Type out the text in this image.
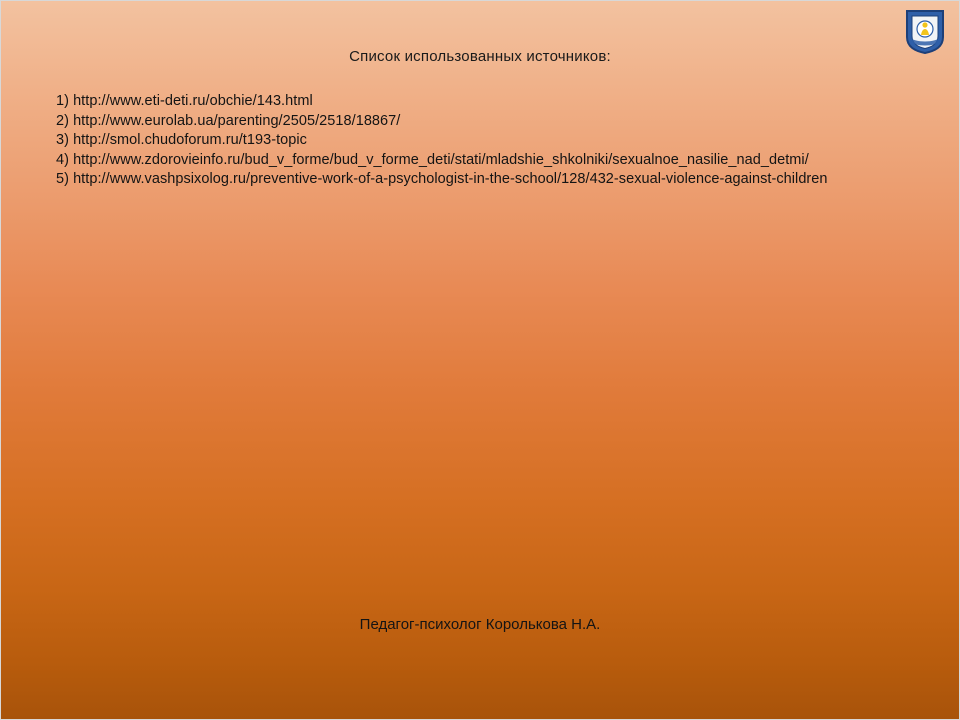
Список использованных источников:
1) http://www.eti-deti.ru/obchie/143.html
2) http://www.eurolab.ua/parenting/2505/2518/18867/
3) http://smol.chudoforum.ru/t193-topic
4) http://www.zdorovieinfo.ru/bud_v_forme/bud_v_forme_deti/stati/mladshie_shkolniki/sexualnoe_nasilie_nad_detmi/
5) http://www.vashpsixolog.ru/preventive-work-of-a-psychologist-in-the-school/128/432-sexual-violence-against-children
Педагог-психолог Королькова Н.А.
